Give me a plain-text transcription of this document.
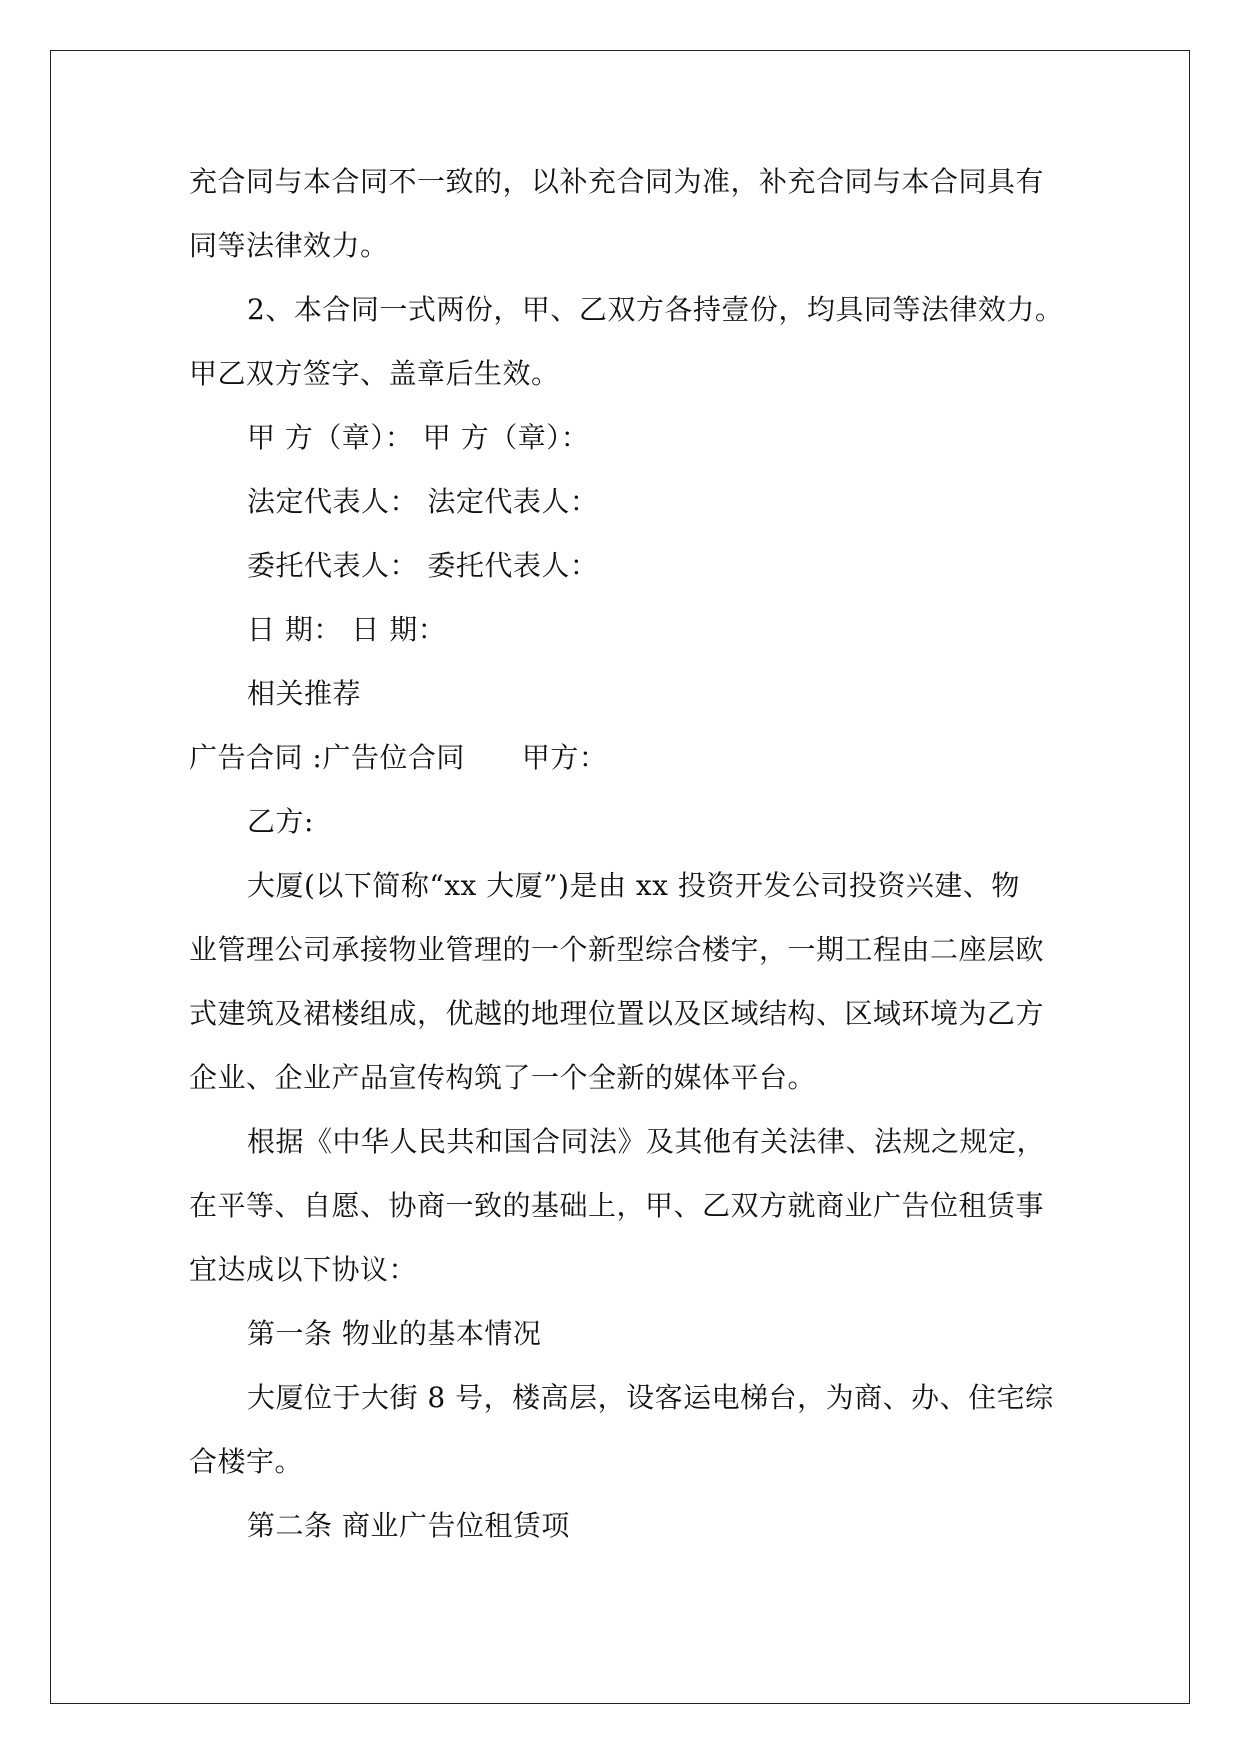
充合同与本合同不一致的，以补充合同为准，补充合同与本合同具有
同等法律效力。
2、本合同一式两份，甲、乙双方各持壹份，均具同等法律效力。
甲乙双方签字、盖章后生效。
甲 方（章）： 甲 方（章）：
法定代表人： 法定代表人：
委托代表人： 委托代表人：
日 期： 日 期：
相关推荐
广告合同 :广告位合同　　甲方：
乙方:
大厦(以下简称“xx 大厦”)是由 xx 投资开发公司投资兴建、物
业管理公司承接物业管理的一个新型综合楼宇，一期工程由二座层欧
式建筑及裙楼组成，优越的地理位置以及区域结构、区域环境为乙方
企业、企业产品宣传构筑了一个全新的媒体平台。
根据《中华人民共和国合同法》及其他有关法律、法规之规定，
在平等、自愿、协商一致的基础上，甲、乙双方就商业广告位租赁事
宜达成以下协议：
第一条 物业的基本情况
大厦位于大街 8 号，楼高层，设客运电梯台，为商、办、住宅综
合楼宇。
第二条 商业广告位租赁项
